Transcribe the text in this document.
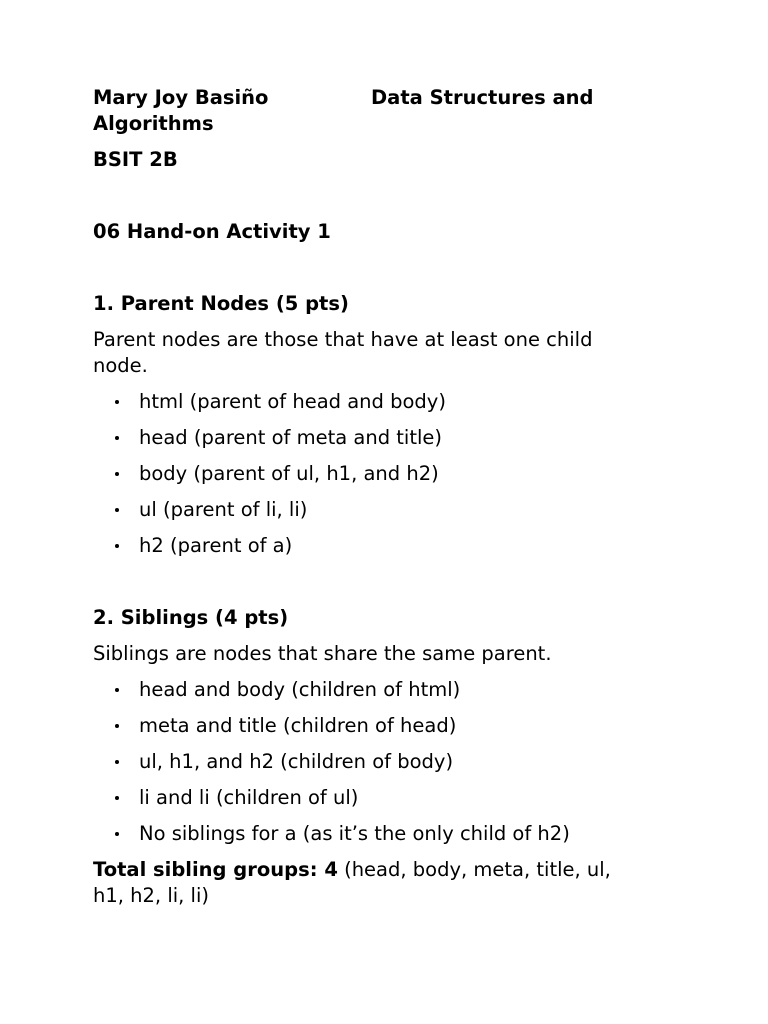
Mary Joy Basiño	Data Structures and

Algorithms

BSIT 2B

06 Hand-on Activity 1

1. Parent Nodes (5 pts)

Parent nodes are those that have at least one child
node.

html (parent of head and body)
head (parent of meta and title)
body (parent of ul, h1, and h2)
ul (parent of li, li)
h2 (parent of a)

2. Siblings (4 pts)

Siblings are nodes that share the same parent.

head and body (children of html)
meta and title (children of head)
ul, h1, and h2 (children of body)
li and li (children of ul)
No siblings for a (as it’s the only child of h2)

Total sibling groups: 4 (head, body, meta, title, ul,
h1, h2, li, li)
